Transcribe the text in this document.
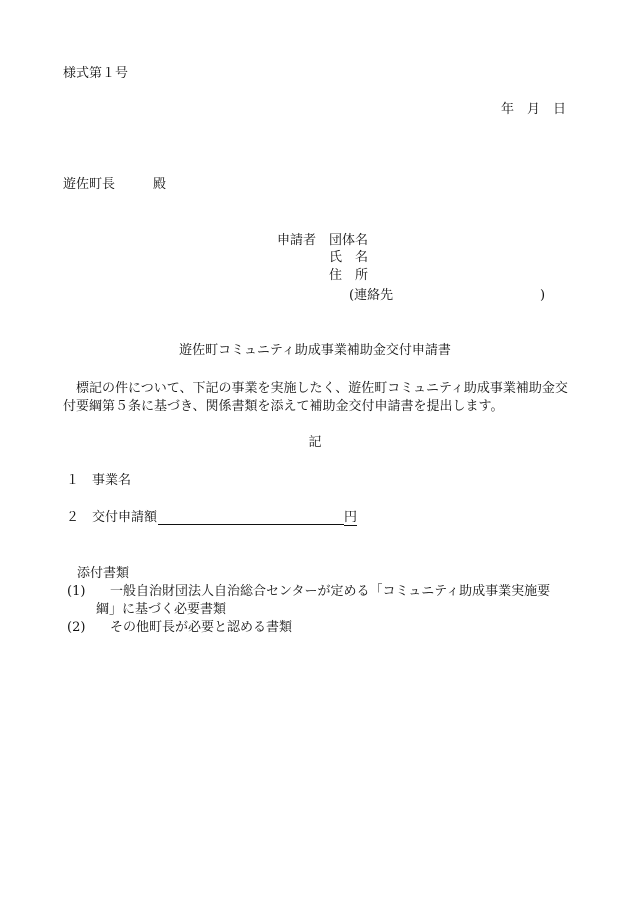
様式第１号
年　月　日
遊佐町長	殿
申請者 団体名
氏　名
住　所
(連絡先	)
遊佐町コミュニティ助成事業補助金交付申請書
標記の件について、下記の事業を実施したく、遊佐町コミュニティ助成事業補助金交付要綱第５条に基づき、関係書類を添えて補助金交付申請書を提出します。
記
１ 事業名
２ 交付申請額	円
添付書類
(1) 一般自治財団法人自治総合センターが定める「コミュニティ助成事業実施要
綱」に基づく必要書類
(2) その他町長が必要と認める書類
